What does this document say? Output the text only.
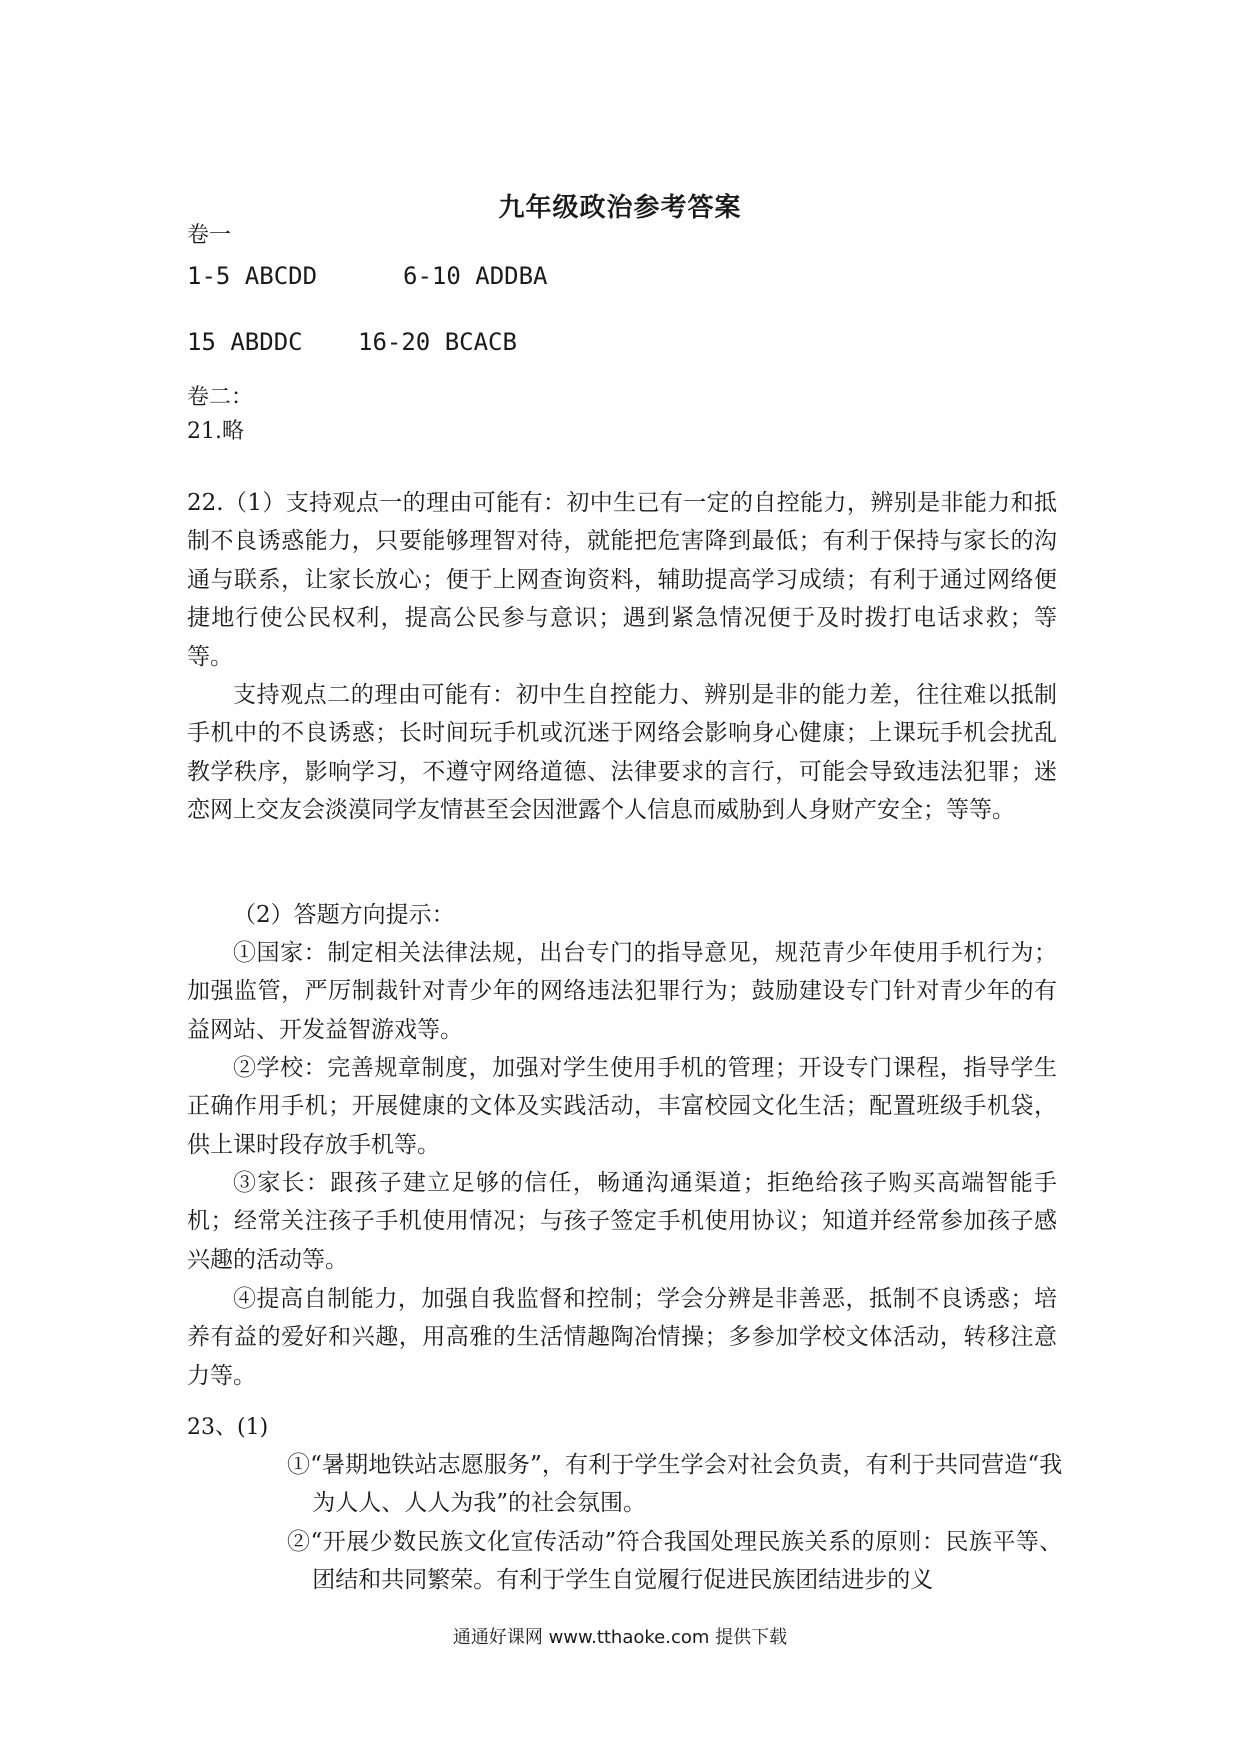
九年级政治参考答案
卷一
1-5 ABCDD	6-10 ADDBA
15 ABDDC 16-20 BCACB
卷二：
21.略
22.（1）支持观点一的理由可能有：初中生已有一定的自控能力，辨别是非能力和抵制不良诱惑能力，只要能够理智对待，就能把危害降到最低；有利于保持与家长的沟通与联系，让家长放心；便于上网查询资料，辅助提高学习成绩；有利于通过网络便捷地行使公民权利，提高公民参与意识；遇到紧急情况便于及时拨打电话求救；等等。
支持观点二的理由可能有：初中生自控能力、辨别是非的能力差，往往难以抵制手机中的不良诱惑；长时间玩手机或沉迷于网络会影响身心健康；上课玩手机会扰乱教学秩序，影响学习，不遵守网络道德、法律要求的言行，可能会导致违法犯罪；迷恋网上交友会淡漠同学友情甚至会因泄露个人信息而威胁到人身财产安全；等等。
（2）答题方向提示：
①国家：制定相关法律法规，出台专门的指导意见，规范青少年使用手机行为；加强监管，严厉制裁针对青少年的网络违法犯罪行为；鼓励建设专门针对青少年的有益网站、开发益智游戏等。
②学校：完善规章制度，加强对学生使用手机的管理；开设专门课程，指导学生正确作用手机；开展健康的文体及实践活动，丰富校园文化生活；配置班级手机袋，供上课时段存放手机等。
③家长：跟孩子建立足够的信任，畅通沟通渠道；拒绝给孩子购买高端智能手机；经常关注孩子手机使用情况；与孩子签定手机使用协议；知道并经常参加孩子感兴趣的活动等。
④提高自制能力，加强自我监督和控制；学会分辨是非善恶，抵制不良诱惑；培养有益的爱好和兴趣，用高雅的生活情趣陶冶情操；多参加学校文体活动，转移注意力等。
23、(1)
①“暑期地铁站志愿服务”，有利于学生学会对社会负责，有利于共同营造“我为人人、人人为我”的社会氛围。
②“开展少数民族文化宣传活动”符合我国处理民族关系的原则：民族平等、团结和共同繁荣。有利于学生自觉履行促进民族团结进步的义
通通好课网 www.tthaoke.com 提供下载
